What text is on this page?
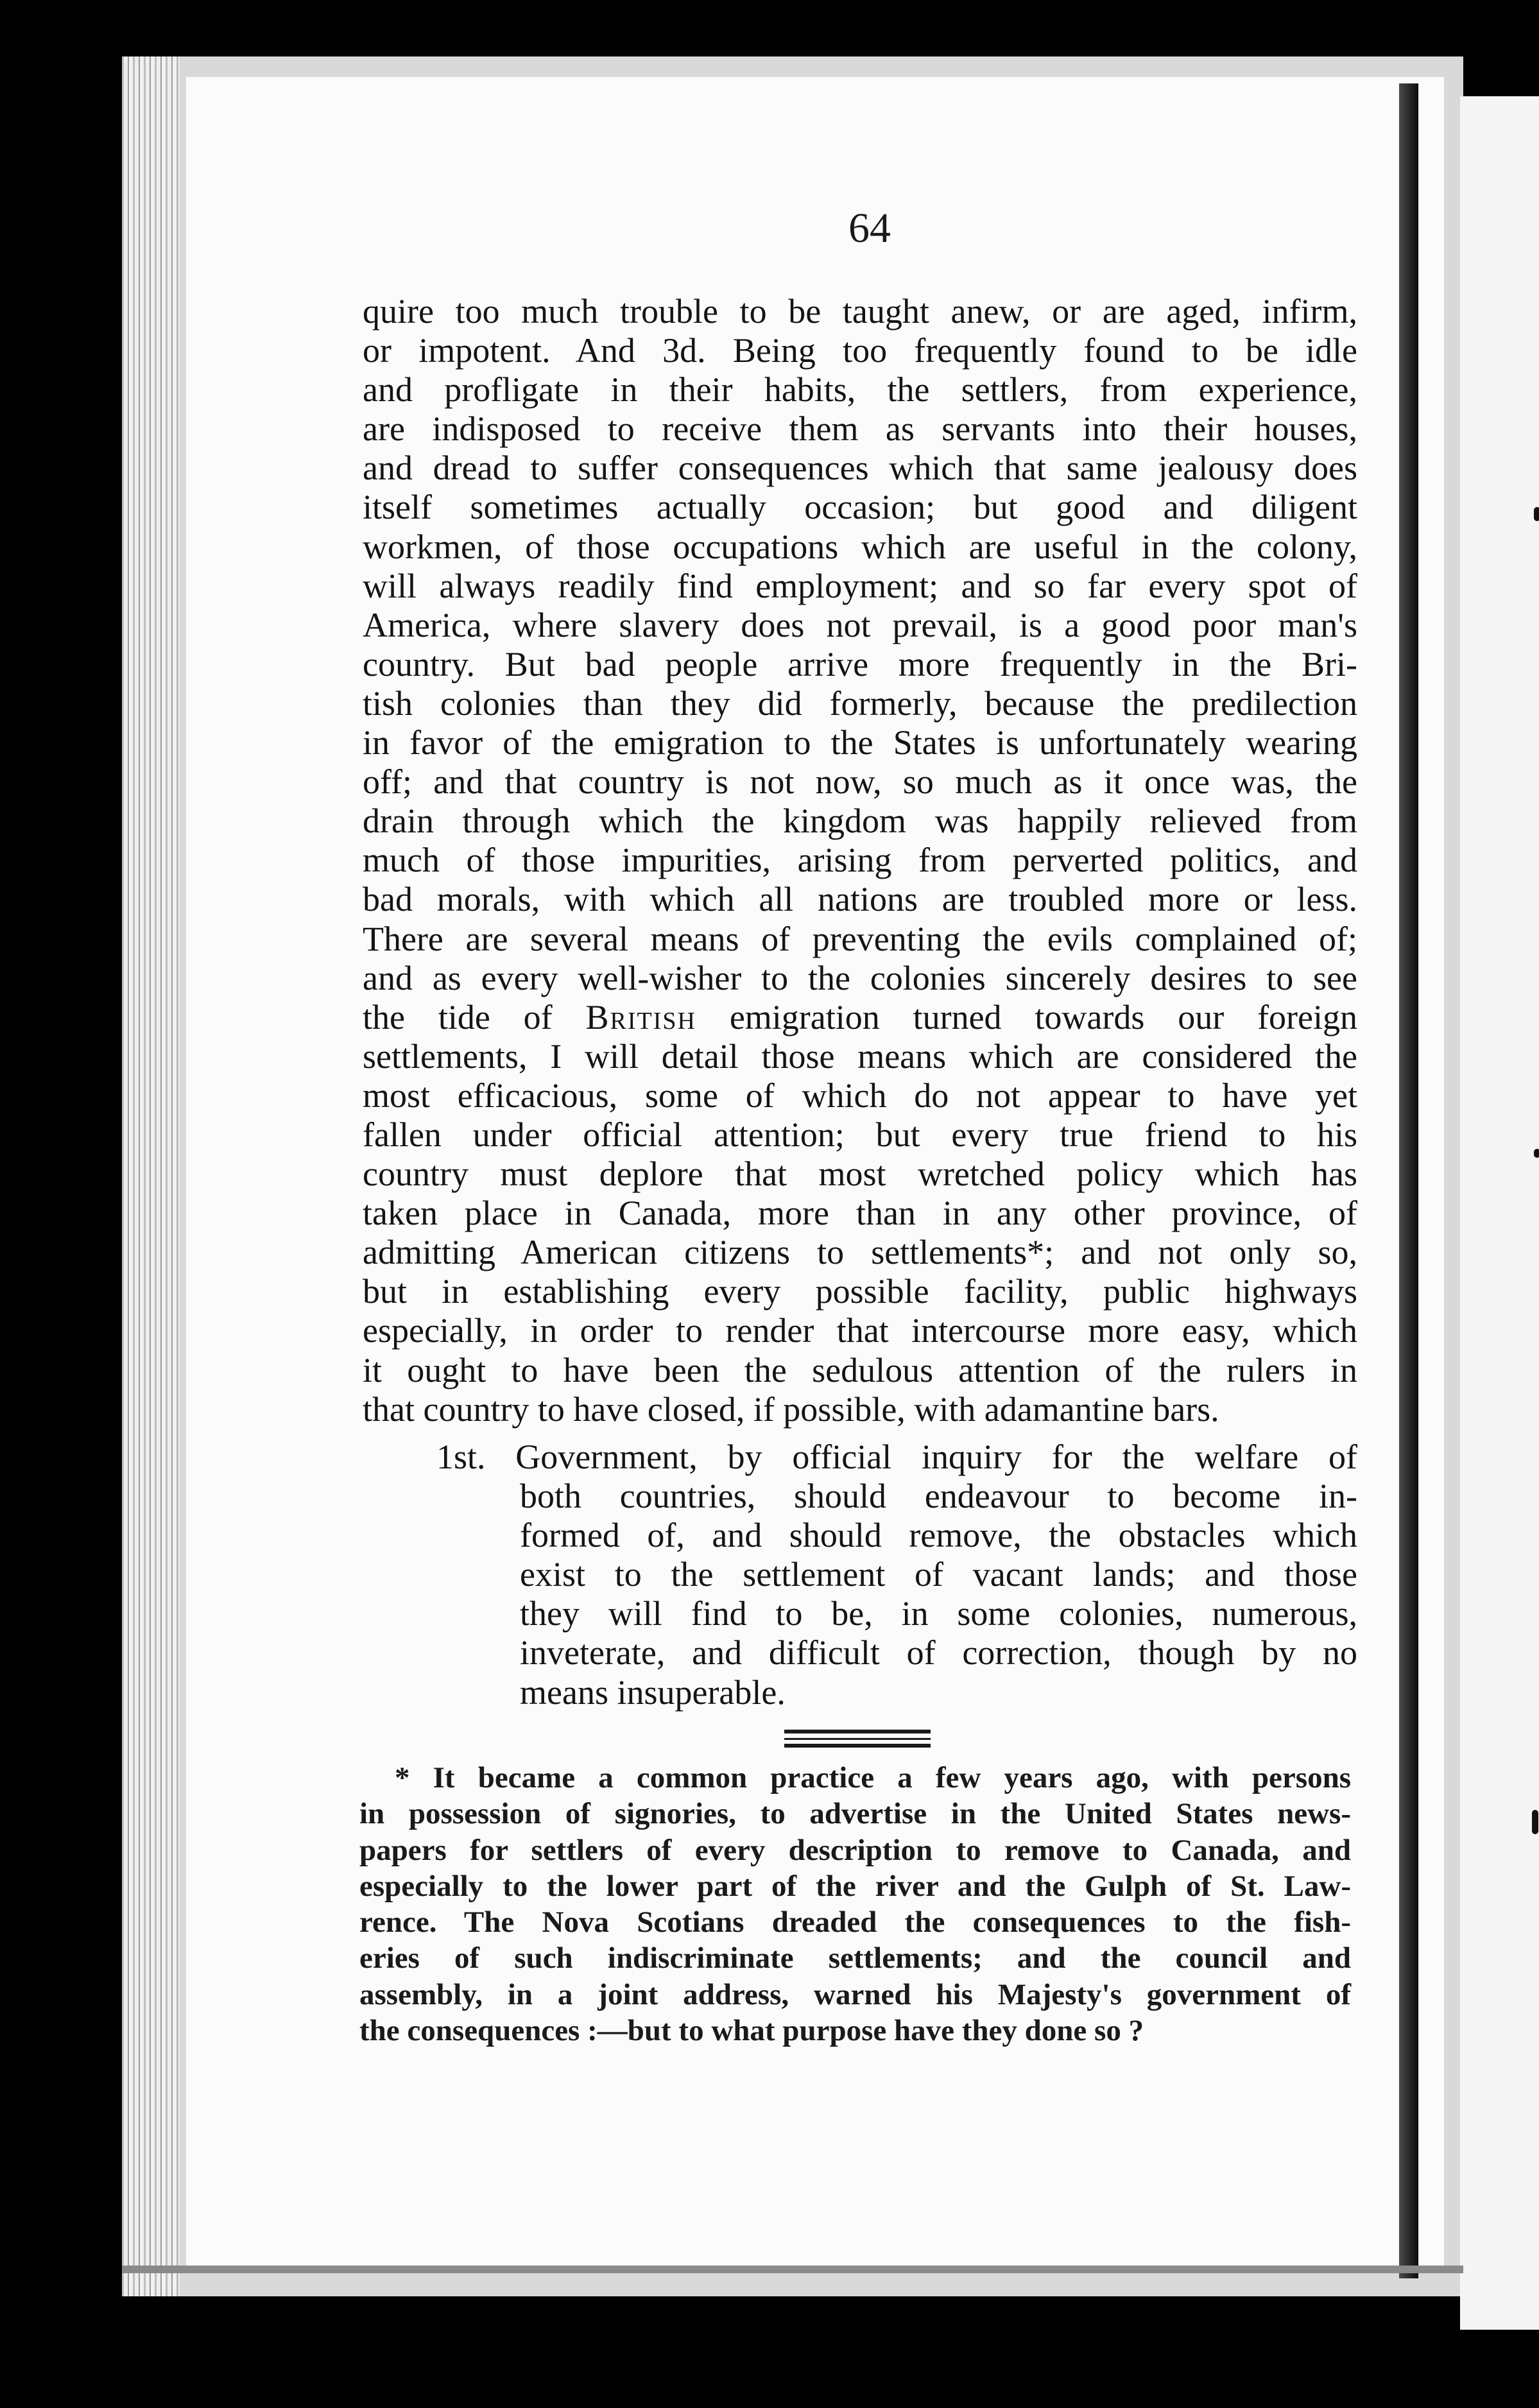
64
quire too much trouble to be taught anew, or are aged, infirm,
or impotent. And 3d. Being too frequently found to be idle
and profligate in their habits, the settlers, from experience,
are indisposed to receive them as servants into their houses,
and dread to suffer consequences which that same jealousy does
itself sometimes actually occasion; but good and diligent
workmen, of those occupations which are useful in the colony,
will always readily find employment; and so far every spot of
America, where slavery does not prevail, is a good poor man's
country. But bad people arrive more frequently in the Bri-
tish colonies than they did formerly, because the predilection
in favor of the emigration to the States is unfortunately wearing
off; and that country is not now, so much as it once was, the
drain through which the kingdom was happily relieved from
much of those impurities, arising from perverted politics, and
bad morals, with which all nations are troubled more or less.
There are several means of preventing the evils complained of;
and as every well-wisher to the colonies sincerely desires to see
the tide of British emigration turned towards our foreign
settlements, I will detail those means which are considered the
most efficacious, some of which do not appear to have yet
fallen under official attention; but every true friend to his
country must deplore that most wretched policy which has
taken place in Canada, more than in any other province, of
admitting American citizens to settlements*; and not only so,
but in establishing every possible facility, public highways
especially, in order to render that intercourse more easy, which
it ought to have been the sedulous attention of the rulers in
that country to have closed, if possible, with adamantine bars.
1st. Government, by official inquiry for the welfare of
both countries, should endeavour to become in-
formed of, and should remove, the obstacles which
exist to the settlement of vacant lands; and those
they will find to be, in some colonies, numerous,
inveterate, and difficult of correction, though by no
means insuperable.
* It became a common practice a few years ago, with persons
in possession of signories, to advertise in the United States news-
papers for settlers of every description to remove to Canada, and
especially to the lower part of the river and the Gulph of St. Law-
rence. The Nova Scotians dreaded the consequences to the fish-
eries of such indiscriminate settlements; and the council and
assembly, in a joint address, warned his Majesty's government of
the consequences :—but to what purpose have they done so ?
